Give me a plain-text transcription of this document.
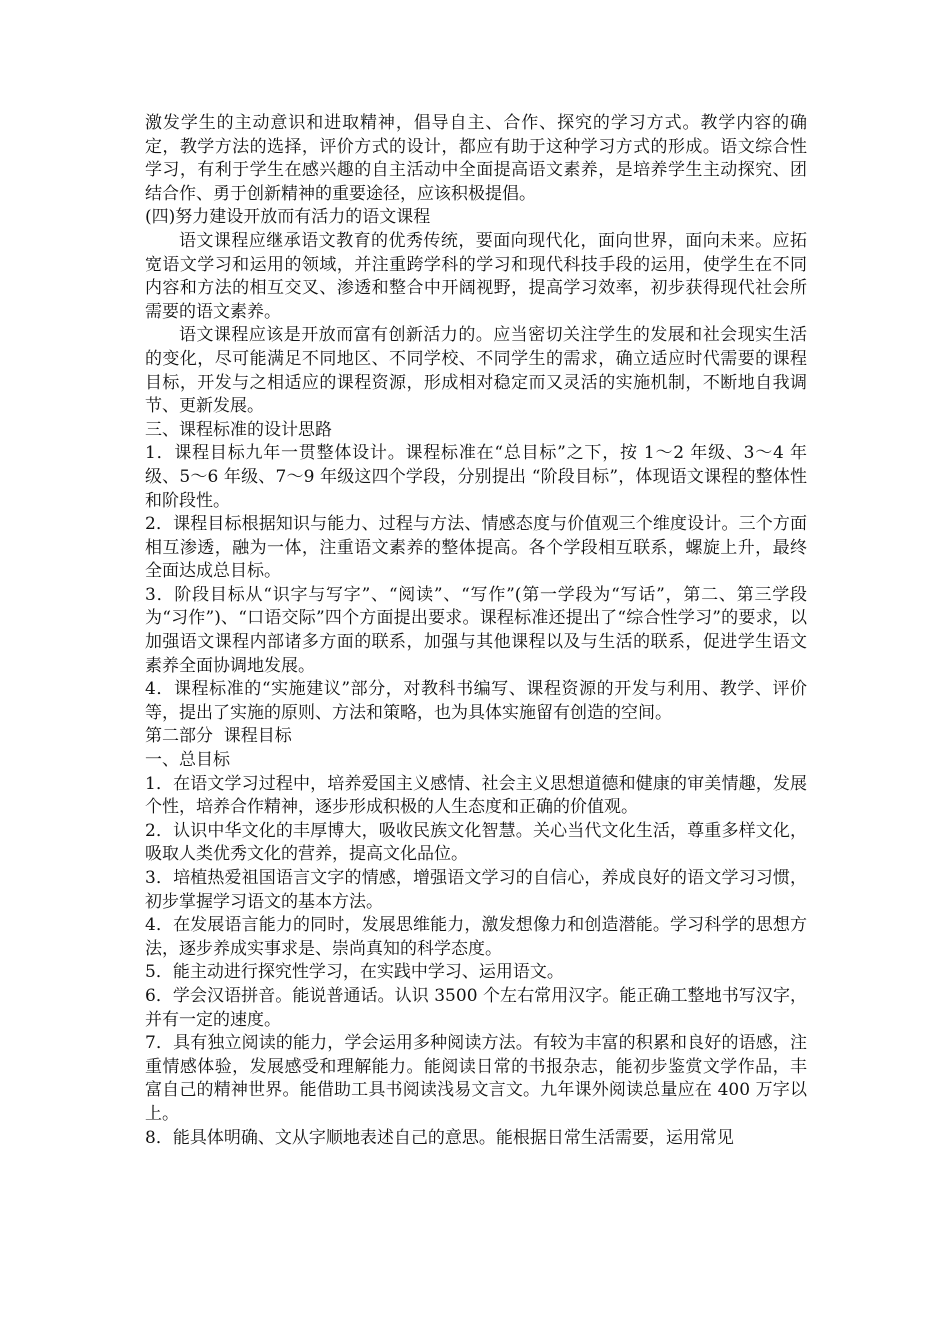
激发学生的主动意识和进取精神，倡导自主、合作、探究的学习方式。教学内容的确定，教学方法的选择，评价方式的设计，都应有助于这种学习方式的形成。语文综合性学习，有利于学生在感兴趣的自主活动中全面提高语文素养，是培养学生主动探究、团结合作、勇于创新精神的重要途径，应该积极提倡。

(四)努力建设开放而有活力的语文课程

语文课程应继承语文教育的优秀传统，要面向现代化，面向世界，面向未来。应拓宽语文学习和运用的领域，并注重跨学科的学习和现代科技手段的运用，使学生在不同内容和方法的相互交叉、渗透和整合中开阔视野，提高学习效率，初步获得现代社会所需要的语文素养。

语文课程应该是开放而富有创新活力的。应当密切关注学生的发展和社会现实生活的变化，尽可能满足不同地区、不同学校、不同学生的需求，确立适应时代需要的课程目标，开发与之相适应的课程资源，形成相对稳定而又灵活的实施机制，不断地自我调节、更新发展。

三、课程标准的设计思路

1．课程目标九年一贯整体设计。课程标准在“总目标”之下，按 1～2 年级、3～4 年级、5～6 年级、7～9 年级这四个学段，分别提出 “阶段目标”，体现语文课程的整体性和阶段性。

2．课程目标根据知识与能力、过程与方法、情感态度与价值观三个维度设计。三个方面相互渗透，融为一体，注重语文素养的整体提高。各个学段相互联系，螺旋上升，最终全面达成总目标。

3．阶段目标从“识字与写字”、“阅读”、“写作”(第一学段为“写话”，第二、第三学段为“习作”)、“口语交际”四个方面提出要求。课程标准还提出了“综合性学习”的要求，以加强语文课程内部诸多方面的联系，加强与其他课程以及与生活的联系，促进学生语文素养全面协调地发展。

4．课程标准的“实施建议”部分，对教科书编写、课程资源的开发与利用、教学、评价等，提出了实施的原则、方法和策略，也为具体实施留有创造的空间。

第二部分  课程目标

一、总目标

1．在语文学习过程中，培养爱国主义感情、社会主义思想道德和健康的审美情趣，发展个性，培养合作精神，逐步形成积极的人生态度和正确的价值观。

2．认识中华文化的丰厚博大，吸收民族文化智慧。关心当代文化生活，尊重多样文化，吸取人类优秀文化的营养，提高文化品位。

3．培植热爱祖国语言文字的情感，增强语文学习的自信心，养成良好的语文学习习惯，初步掌握学习语文的基本方法。

4．在发展语言能力的同时，发展思维能力，激发想像力和创造潜能。学习科学的思想方法，逐步养成实事求是、崇尚真知的科学态度。

5．能主动进行探究性学习，在实践中学习、运用语文。

6．学会汉语拼音。能说普通话。认识 3500 个左右常用汉字。能正确工整地书写汉字，并有一定的速度。

7．具有独立阅读的能力，学会运用多种阅读方法。有较为丰富的积累和良好的语感，注重情感体验，发展感受和理解能力。能阅读日常的书报杂志，能初步鉴赏文学作品，丰富自己的精神世界。能借助工具书阅读浅易文言文。九年课外阅读总量应在 400 万字以上。

8．能具体明确、文从字顺地表述自己的意思。能根据日常生活需要，运用常见
